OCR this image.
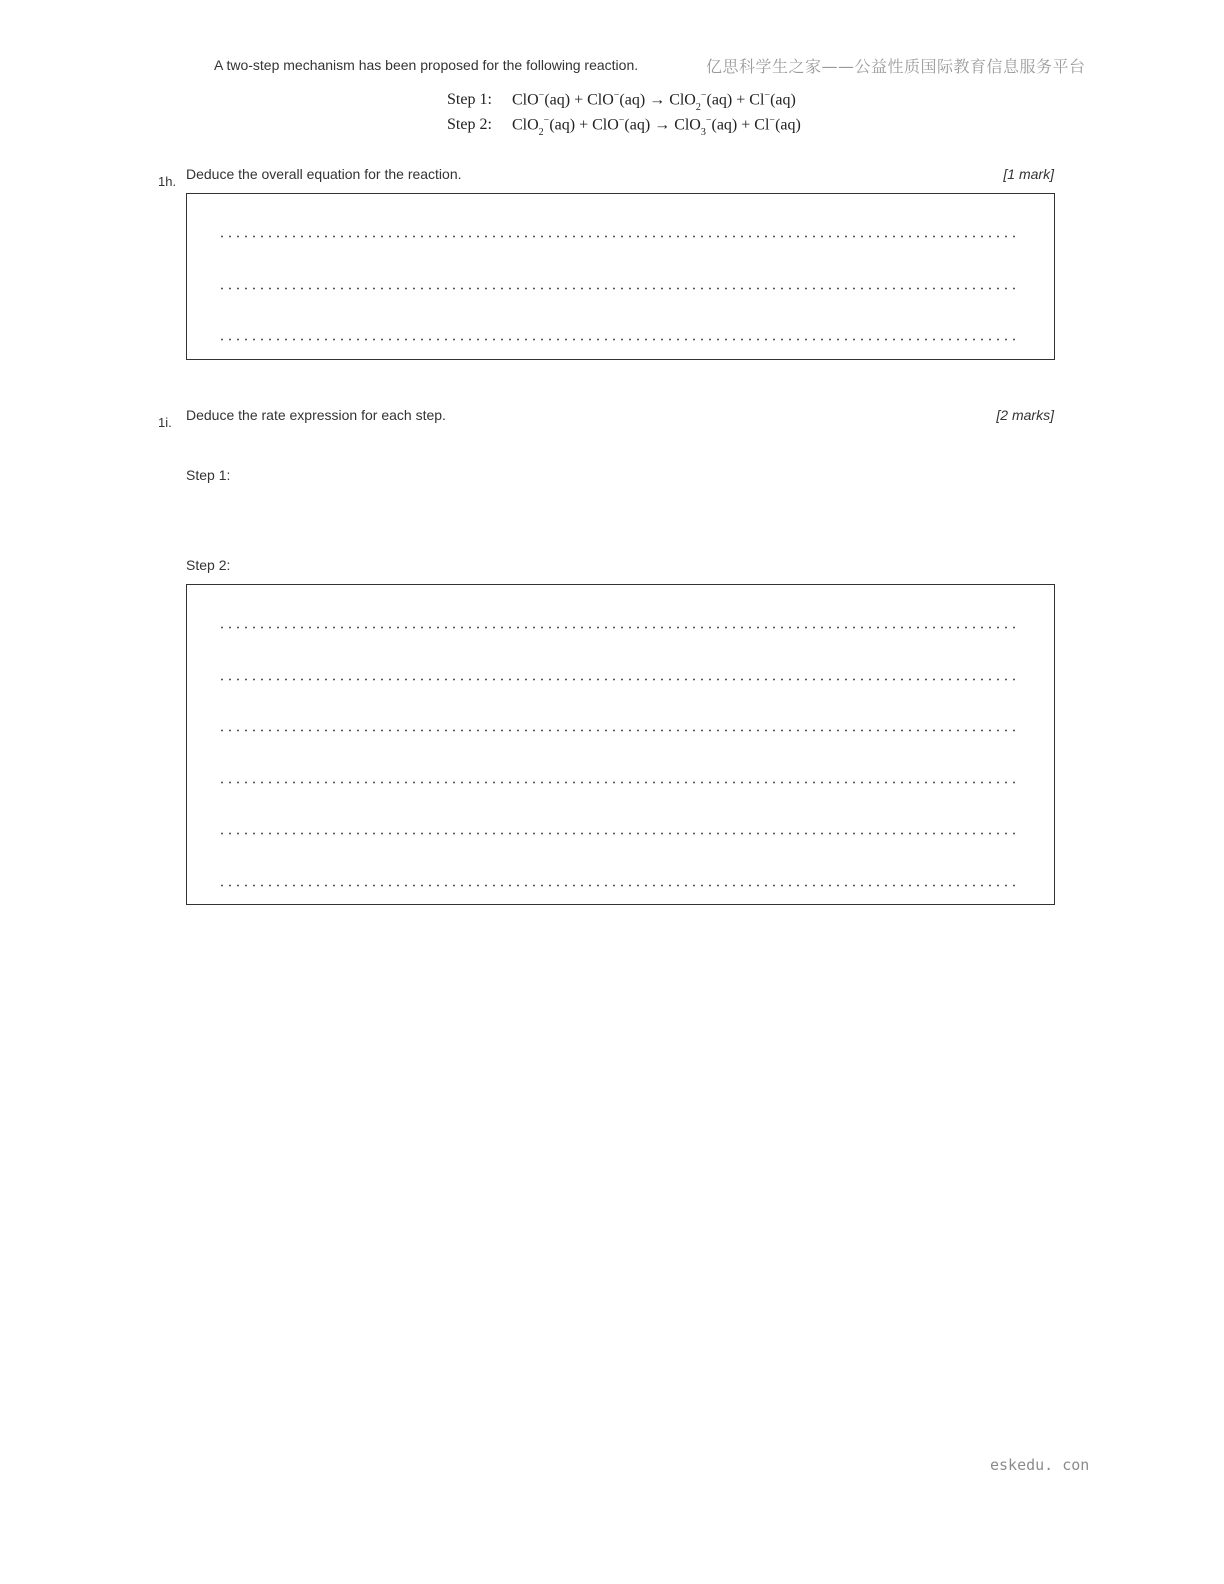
A two-step mechanism has been proposed for the following reaction.	亿思科学生之家——公益性质国际教育信息服务平台
Step 1: ClO−(aq) + ClO−(aq) → ClO$_2$−(aq) + Cl−(aq)
Step 2: ClO$_2$−(aq) + ClO−(aq) → ClO$_3$−(aq) + Cl−(aq)
1h. Deduce the overall equation for the reaction.	[1 mark]
1i. Deduce the rate expression for each step.	[2 marks]
Step 1:
Step 2:
eskedu. con
